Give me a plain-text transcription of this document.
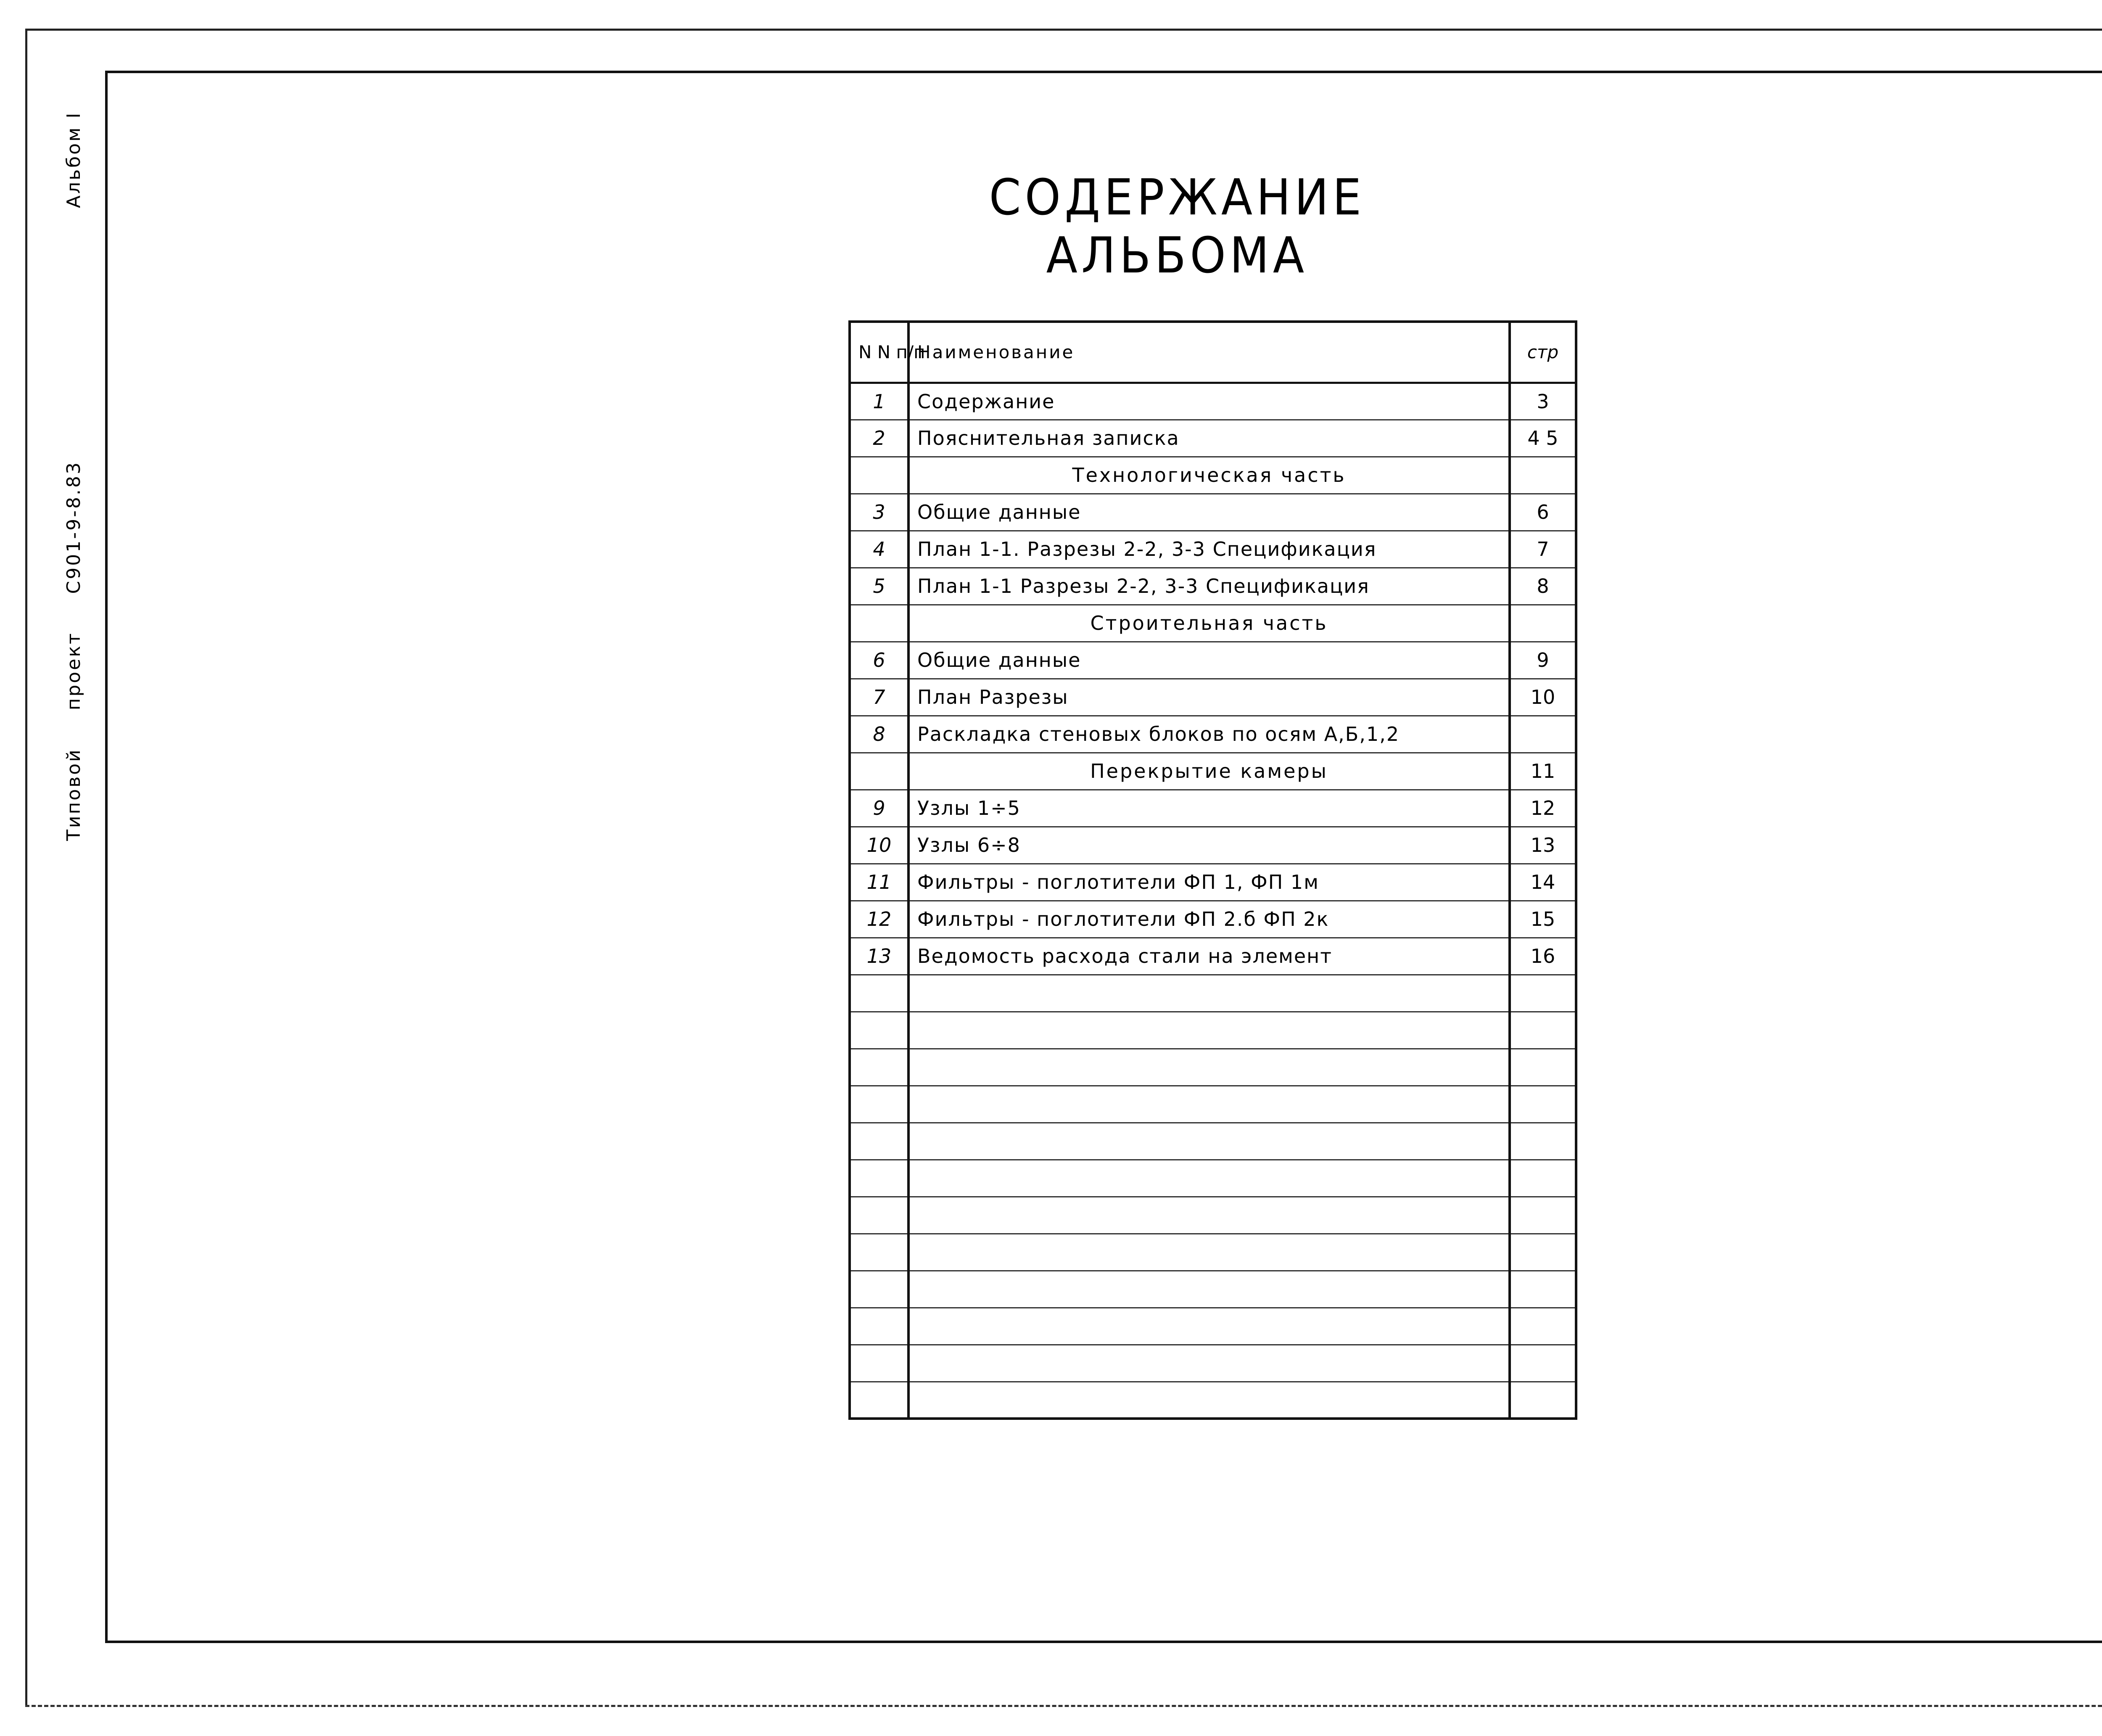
Альбом I
ТиповойпроектС901-9-8.83
СОДЕРЖАНИЕ АЛЬБОМА
N N п/п	Наименование	стр
1	Содержание	3
2	Пояснительная записка	4 5
	Технологическая часть	
3	Общие данные	6
4	План 1-1. Разрезы 2-2, 3-3 Спецификация	7
5	План 1-1 Разрезы 2-2, 3-3 Спецификация	8
	Строительная часть	
6	Общие данные	9
7	План Разрезы	10
8	Раскладка стеновых блоков по осям А,Б,1,2	
	Перекрытие камеры	11
9	Узлы 1÷5	12
10	Узлы 6÷8	13
11	Фильтры - поглотители ФП 1, ФП 1м	14
12	Фильтры - поглотители ФП 2.б ФП 2к	15
13	Ведомость расхода стали на элемент	16
